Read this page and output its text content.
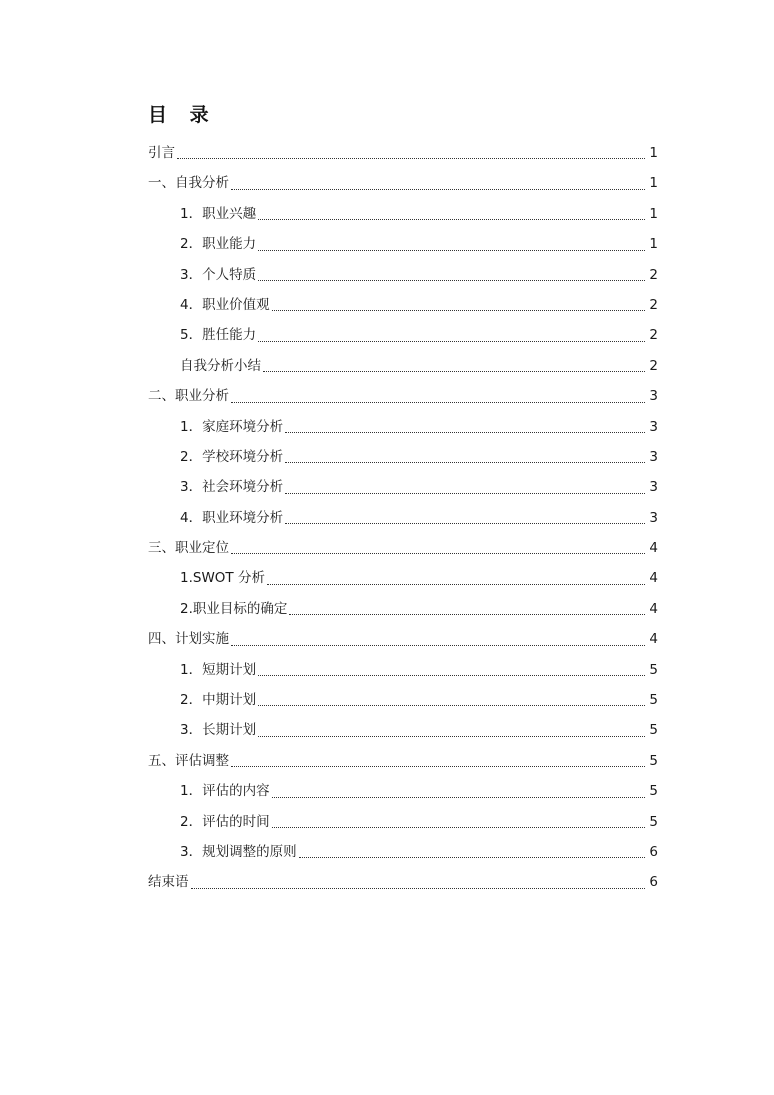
目 录
引言	1
一、自我分析	1
1．职业兴趣	1
2．职业能力	1
3．个人特质	2
4．职业价值观	2
5．胜任能力	2
自我分析小结	2
二、职业分析	3
1．家庭环境分析	3
2．学校环境分析	3
3．社会环境分析	3
4．职业环境分析	3
三、职业定位	4
1.SWOT 分析	4
2.职业目标的确定	4
四、计划实施	4
1．短期计划	5
2．中期计划	5
3．长期计划	5
五、评估调整	5
1．评估的内容	5
2．评估的时间	5
3．规划调整的原则	6
结束语	6
